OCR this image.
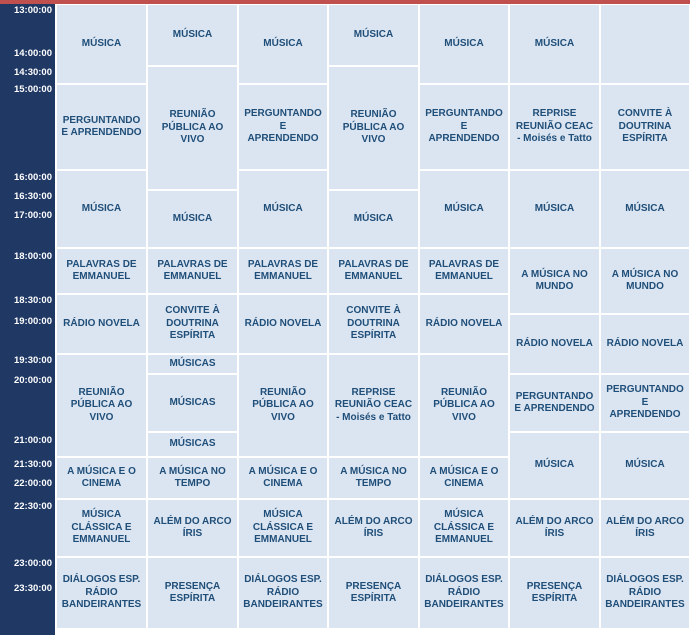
13:00:00
14:00:00
14:30:00
15:00:00
16:00:00
16:30:00
17:00:00
18:00:00
18:30:00
19:00:00
19:30:00
20:00:00
21:00:00
21:30:00
22:00:00
22:30:00
23:00:00
23:30:00
MÚSICA
PERGUNTANDO E APRENDENDO
MÚSICA
PALAVRAS DE EMMANUEL
RÁDIO NOVELA
REUNIÃO PÚBLICA AO VIVO
A MÚSICA E O CINEMA
MÚSICA CLÁSSICA E EMMANUEL
DIÁLOGOS ESP. RÁDIO BANDEIRANTES
MÚSICA
REUNIÃO PÚBLICA AO VIVO
MÚSICA
PALAVRAS DE EMMANUEL
CONVITE À DOUTRINA ESPÍRITA
MÚSICAS
MÚSICAS
MÚSICAS
A MÚSICA NO TEMPO
ALÉM DO ARCO ÍRIS
PRESENÇA ESPÍRITA
MÚSICA
PERGUNTANDO E APRENDENDO
MÚSICA
PALAVRAS DE EMMANUEL
RÁDIO NOVELA
REUNIÃO PÚBLICA AO VIVO
A MÚSICA E O CINEMA
MÚSICA CLÁSSICA E EMMANUEL
DIÁLOGOS ESP. RÁDIO BANDEIRANTES
MÚSICA
REUNIÃO PÚBLICA AO VIVO
MÚSICA
PALAVRAS DE EMMANUEL
CONVITE À DOUTRINA ESPÍRITA
REPRISE REUNIÃO CEAC - Moisés e Tatto
A MÚSICA NO TEMPO
ALÉM DO ARCO ÍRIS
PRESENÇA ESPÍRITA
MÚSICA
PERGUNTANDO E APRENDENDO
MÚSICA
PALAVRAS DE EMMANUEL
RÁDIO NOVELA
REUNIÃO PÚBLICA AO VIVO
A MÚSICA E O CINEMA
MÚSICA CLÁSSICA E EMMANUEL
DIÁLOGOS ESP. RÁDIO BANDEIRANTES
MÚSICA
REPRISE REUNIÃO CEAC - Moisés e Tatto
MÚSICA
A MÚSICA NO MUNDO
RÁDIO NOVELA
PERGUNTANDO E APRENDENDO
MÚSICA
ALÉM DO ARCO ÍRIS
PRESENÇA ESPÍRITA
CONVITE À DOUTRINA ESPÍRITA
MÚSICA
A MÚSICA NO MUNDO
RÁDIO NOVELA
PERGUNTANDO E APRENDENDO
MÚSICA
ALÉM DO ARCO ÍRIS
DIÁLOGOS ESP. RÁDIO BANDEIRANTES
